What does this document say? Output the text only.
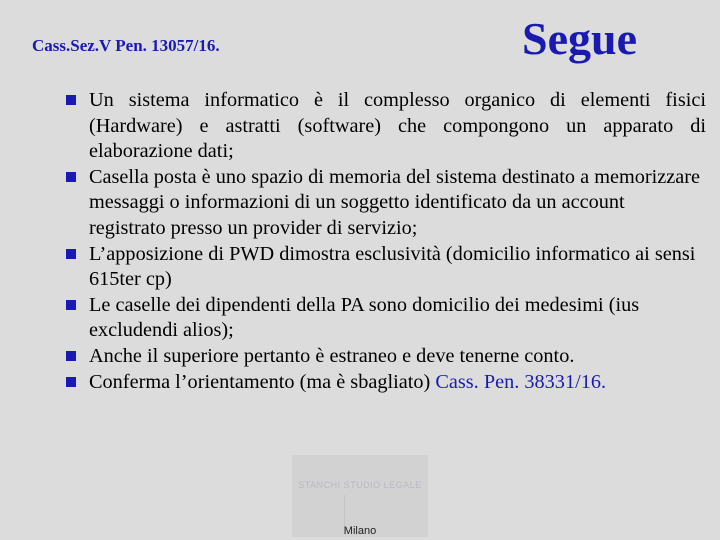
Cass.Sez.V Pen. 13057/16.	Segue
Un sistema informatico è il complesso organico di elementi fisici (Hardware) e astratti (software) che compongono un apparato di elaborazione dati;
Casella posta è uno spazio di memoria del sistema destinato a memorizzare messaggi o informazioni di un soggetto identificato da un account registrato presso un provider di servizio;
L’apposizione di PWD dimostra esclusività (domicilio informatico ai sensi 615ter cp)
Le caselle dei dipendenti della PA sono domicilio dei medesimi (ius excludendi alios);
Anche il superiore pertanto è estraneo e deve tenerne conto.
Conferma l’orientamento (ma è sbagliato) Cass. Pen. 38331/16.
STANCHI STUDIO LEGALE
Milano
